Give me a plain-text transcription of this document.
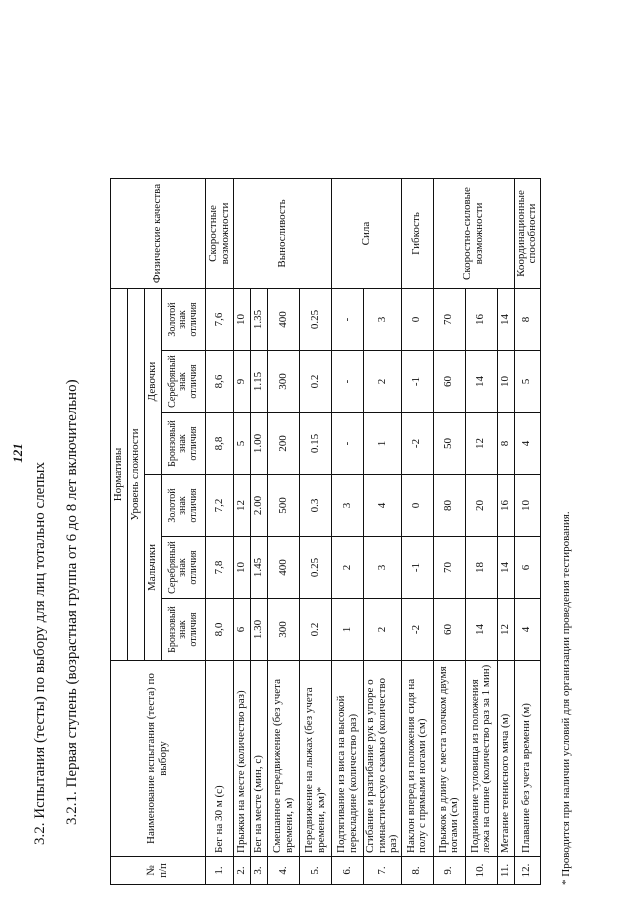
121
3.2. Испытания (тесты) по выбору для лиц тотально слепых 3.2.1. Первая ступень (возрастная группа от 6 до 8 лет включительно)
№ п/п	Наименование испытания (теста) по выбору	Нормативы						Физические качества
		Уровень сложности						
		Мальчики			Девочки			
		Бронзовый знак отличия	Серебряный знак отличия	Золотой знак отличия	Бронзовый знак отличия	Серебряный знак отличия	Золотой знак отличия	
1.	Бег на 30 м (с)	8,0	7,8	7,2	8,8	8,6	7,6	Скоростные возможности
2.	Прыжки на месте (количество раз)	6	10	12	5	9	10	Выносливость
3.	Бег на месте (мин, с)	1.30	1.45	2.00	1.00	1.15	1.35	
4.	Смешанное передвижение (без учета времени, м)	300	400	500	200	300	400	
5.	Передвижение на лыжах (без учета времени, км)*	0.2	0.25	0.3	0.15	0.2	0.25	
6.	Подтягивание из виса на высокой перекладине (количество раз)	1	2	3	-	-	-	Сила
7.	Сгибание и разгибание рук в упоре о гимнастическую скамью (количество раз)	2	3	4	1	2	3	
8.	Наклон вперед из положения сидя на полу с прямыми ногами (см)	-2	-1	0	-2	-1	0	Гибкость
9.	Прыжок в длину с места толчком двумя ногами (см)	60	70	80	50	60	70	Скоростно-силовые возможности
10.	Поднимание туловища из положения лежа на спине (количество раз за 1 мин)	14	18	20	12	14	16	
11.	Метание теннисного мяча (м)	12	14	16	8	10	14	
12.	Плавание без учета времени (м)	4	6	10	4	5	8	Координационные способности
* Проводится при наличии условий для организации проведения тестирования.
